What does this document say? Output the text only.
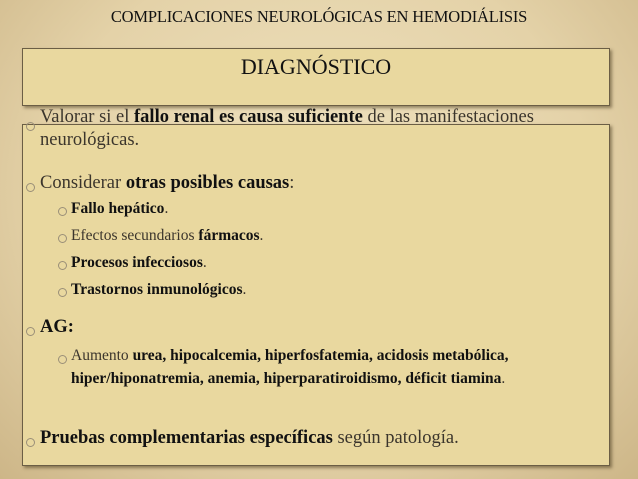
COMPLICACIONES NEUROLÓGICAS EN HEMODIÁLISIS
DIAGNÓSTICO
Valorar si el fallo renal es causa suficiente de las manifestaciones neurológicas.
Considerar otras posibles causas:
Fallo hepático.
Efectos secundarios fármacos.
Procesos infecciosos.
Trastornos inmunológicos.
AG:
Aumento urea, hipocalcemia, hiperfosfatemia, acidosis metabólica, hiper/hiponatremia, anemia, hiperparatiroidismo, déficit tiamina.
Pruebas complementarias específicas según patología.
